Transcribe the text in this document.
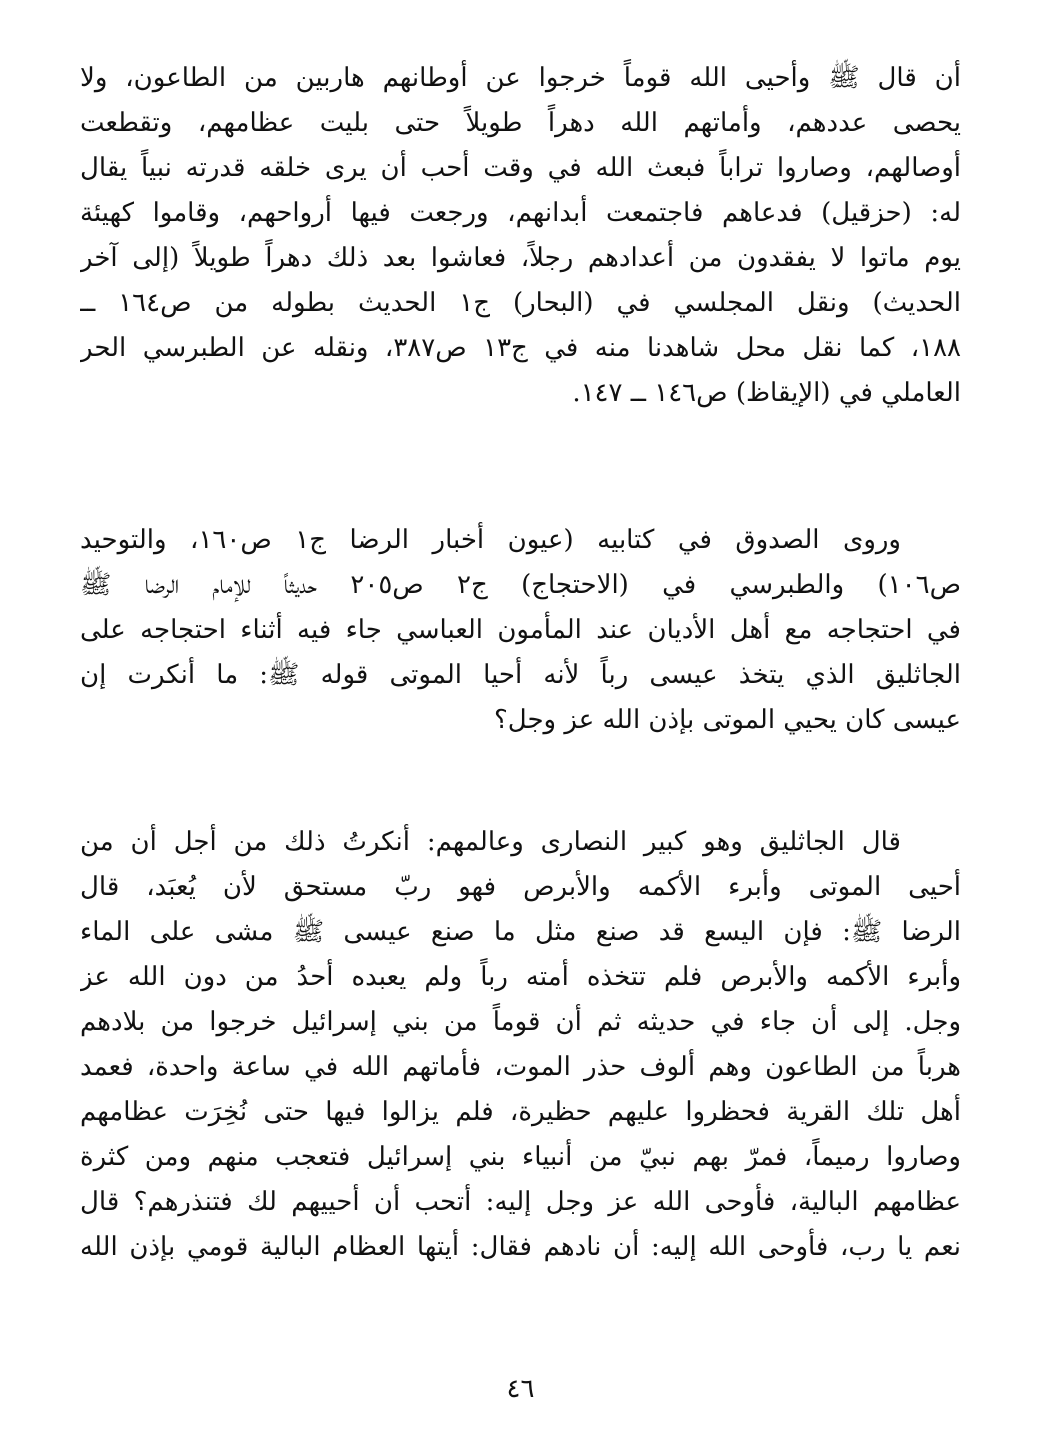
أن قال ﷺ وأحيى الله قوماً خرجوا عن أوطانهم هاربين من الطاعون، ولا
يحصى عددهم، وأماتهم الله دهراً طويلاً حتى بليت عظامهم، وتقطعت
أوصالهم، وصاروا تراباً فبعث الله في وقت أحب أن يرى خلقه قدرته نبياً يقال
له: (حزقيل) فدعاهم فاجتمعت أبدانهم، ورجعت فيها أرواحهم، وقاموا كهيئة
يوم ماتوا لا يفقدون من أعدادهم رجلاً، فعاشوا بعد ذلك دهراً طويلاً (إلى آخر
الحديث) ونقل المجلسي في (البحار) ج١ الحديث بطوله من ص١٦٤ ــ
١٨٨، كما نقل محل شاهدنا منه في ج١٣ ص٣٨٧، ونقله عن الطبرسي الحر
العاملي في (الإيقاظ) ص١٤٦ ــ ١٤٧.
وروى الصدوق في كتابيه (عيون أخبار الرضا ج١ ص١٦٠، والتوحيد
ص١٠٦) والطبرسي في (الاحتجاج) ج٢ ص٢٠٥ حديثاً للإمام الرضا ﷺ
في احتجاجه مع أهل الأديان عند المأمون العباسي جاء فيه أثناء احتجاجه على
الجاثليق الذي يتخذ عيسى رباً لأنه أحيا الموتى قوله ﷺ: ما أنكرت إن
عيسى كان يحيي الموتى بإذن الله عز وجل؟
قال الجاثليق وهو كبير النصارى وعالمهم: أنكرتُ ذلك من أجل أن من
أحيى الموتى وأبرء الأكمه والأبرص فهو ربّ مستحق لأن يُعبَد، قال
الرضا ﷺ: فإن اليسع قد صنع مثل ما صنع عيسى ﷺ مشى على الماء
وأبرء الأكمه والأبرص فلم تتخذه أمته رباً ولم يعبده أحدُ من دون الله عز
وجل. إلى أن جاء في حديثه ثم أن قوماً من بني إسرائيل خرجوا من بلادهم
هرباً من الطاعون وهم ألوف حذر الموت، فأماتهم الله في ساعة واحدة، فعمد
أهل تلك القرية فحظروا عليهم حظيرة، فلم يزالوا فيها حتى نُخِرَت عظامهم
وصاروا رميماً، فمرّ بهم نبيّ من أنبياء بني إسرائيل فتعجب منهم ومن كثرة
عظامهم البالية، فأوحى الله عز وجل إليه: أتحب أن أحييهم لك فتنذرهم؟ قال
نعم يا رب، فأوحى الله إليه: أن نادهم فقال: أيتها العظام البالية قومي بإذن الله
٤٦
